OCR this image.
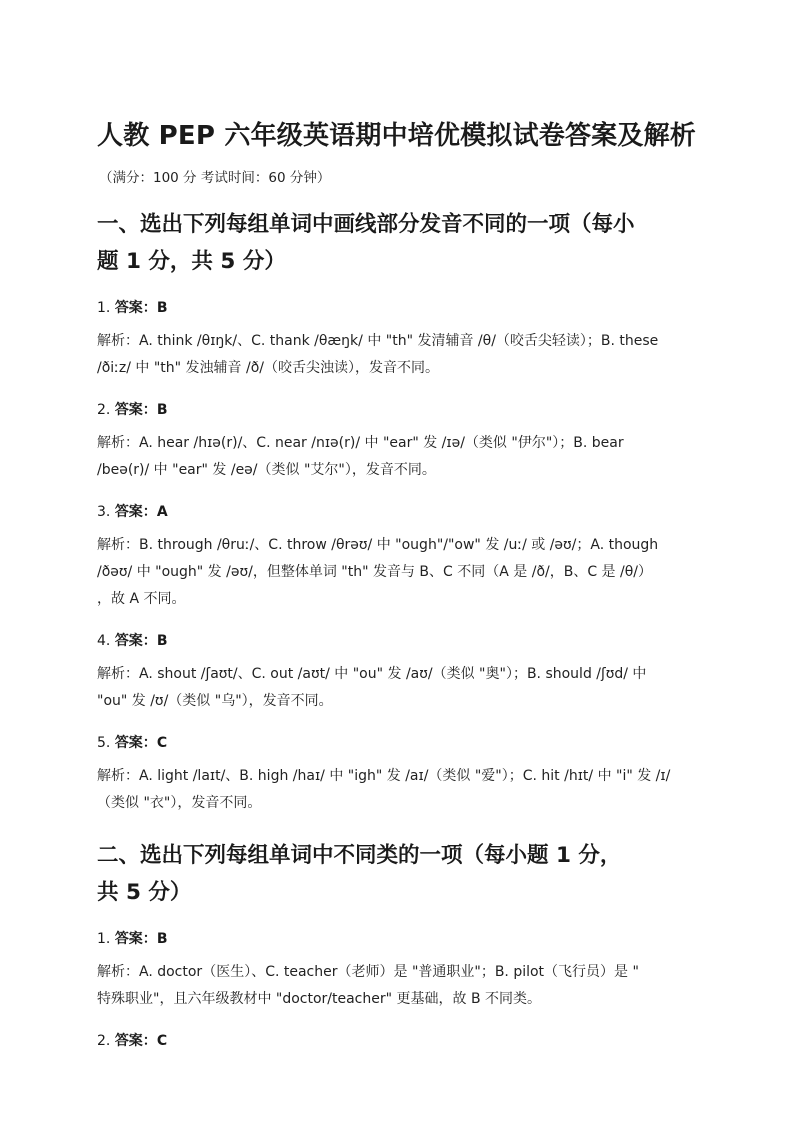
人教 PEP 六年级英语期中培优模拟试卷答案及解析
（满分：100 分 考试时间：60 分钟）
一、选出下列每组单词中画线部分发音不同的一项（每小
题 1 分，共 5 分）

1. 答案：B

解析：A. think /θɪŋk/、C. thank /θæŋk/ 中 "th" 发清辅音 /θ/（咬舌尖轻读）；B. these
/ðiːz/ 中 "th" 发浊辅音 /ð/（咬舌尖浊读），发音不同。

2. 答案：B

解析：A. hear /hɪə(r)/、C. near /nɪə(r)/ 中 "ear" 发 /ɪə/（类似 "伊尔"）；B. bear
/beə(r)/ 中 "ear" 发 /eə/（类似 "艾尔"），发音不同。

3. 答案：A

解析：B. through /θruː/、C. throw /θrəʊ/ 中 "ough"/"ow" 发 /uː/ 或 /əʊ/；A. though
/ðəʊ/ 中 "ough" 发 /əʊ/，但整体单词 "th" 发音与 B、C 不同（A 是 /ð/，B、C 是 /θ/）
，故 A 不同。

4. 答案：B

解析：A. shout /ʃaʊt/、C. out /aʊt/ 中 "ou" 发 /aʊ/（类似 "奥"）；B. should /ʃʊd/ 中
"ou" 发 /ʊ/（类似 "乌"），发音不同。

5. 答案：C

解析：A. light /laɪt/、B. high /haɪ/ 中 "igh" 发 /aɪ/（类似 "爱"）；C. hit /hɪt/ 中 "i" 发 /ɪ/
（类似 "衣"），发音不同。
二、选出下列每组单词中不同类的一项（每小题 1 分，
共 5 分）

1. 答案：B

解析：A. doctor（医生）、C. teacher（老师）是 "普通职业"；B. pilot（飞行员）是 "
特殊职业"，且六年级教材中 "doctor/teacher" 更基础，故 B 不同类。

2. 答案：C
